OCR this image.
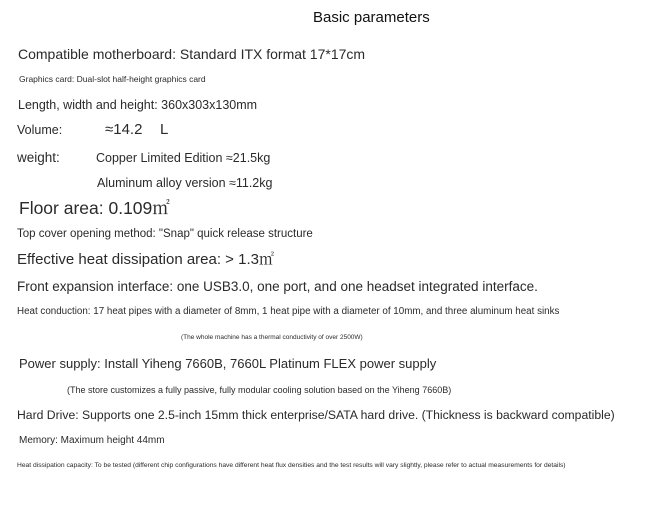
Basic parameters

Compatible motherboard: Standard ITX format 17*17cm

Graphics card: Dual-slot half-height graphics card

Length, width and height: 360x303x130mm

Volume:	≈14.2 L
weight:	Copper Limited Edition ≈21.5kg

Aluminum alloy version ≈11.2kg

Floor area: 0.109㎡

Top cover opening method: "Snap" quick release structure

Effective heat dissipation area: > 1.3㎡

Front expansion interface: one USB3.0, one port, and one headset integrated interface.

Heat conduction: 17 heat pipes with a diameter of 8mm, 1 heat pipe with a diameter of 10mm, and three aluminum heat sinks

(The whole machine has a thermal conductivity of over 2500W)

Power supply: Install Yiheng 7660B, 7660L Platinum FLEX power supply

(The store customizes a fully passive, fully modular cooling solution based on the Yiheng 7660B)

Hard Drive: Supports one 2.5-inch 15mm thick enterprise/SATA hard drive. (Thickness is backward compatible)

Memory: Maximum height 44mm

Heat dissipation capacity: To be tested (different chip configurations have different heat flux densities and the test results will vary slightly, please refer to actual measurements for details)
